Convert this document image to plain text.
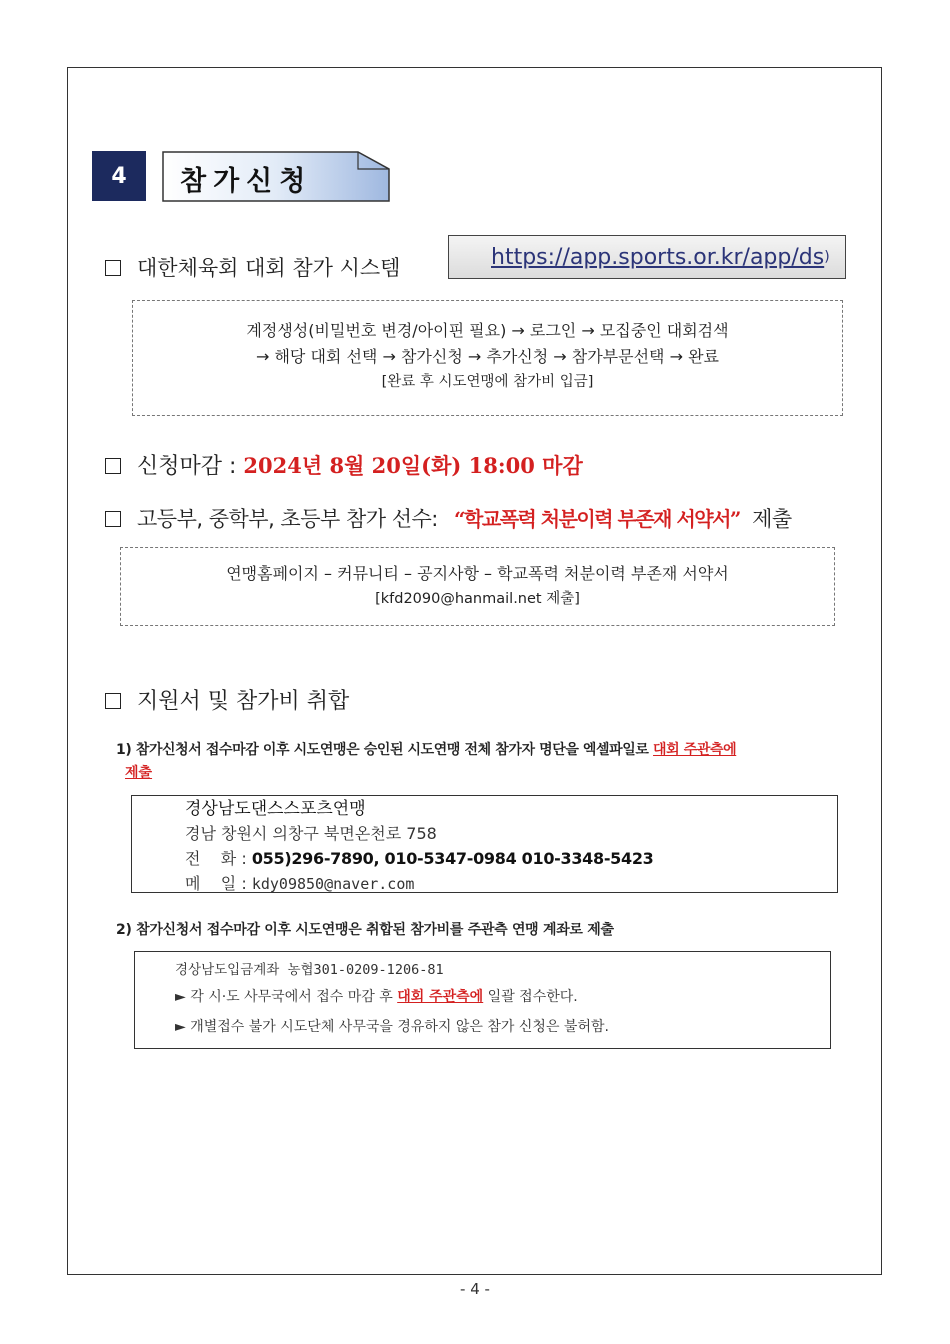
4	참가신청
대한체육회 대회 참가 시스템	https://app.sports.or.kr/app/ds )
계정생성(비밀번호 변경/아이핀 필요) → 로그인 → 모집중인 대회검색
→ 해당 대회 선택 → 참가신청 → 추가신청 → 참가부문선택 → 완료
[완료 후 시도연맹에 참가비 입금]
신청마감 : 2024년 8월 20일(화) 18:00 마감
고등부, 중학부, 초등부 참가 선수: “학교폭력 처분이력 부존재 서약서” 제출
연맹홈페이지 – 커뮤니티 – 공지사항 – 학교폭력 처분이력 부존재 서약서
[kfd2090@hanmail.net 제출]
지원서 및 참가비 취합
1) 참가신청서 접수마감 이후 시도연맹은 승인된 시도연맹 전체 참가자 명단을 엑셀파일로 대회 주관측에
제출
경상남도댄스스포츠연맹
경남 창원시 의창구 북면온천로 758
전    화 : 055)296-7890, 010-5347-0984 010-3348-5423
메    일 : kdy09850@naver.com
2) 참가신청서 접수마감 이후 시도연맹은 취합된 참가비를 주관측 연맹 계좌로 제출
경상남도입금계좌 농협301-0209-1206-81
► 각 시·도 사무국에서 접수 마감 후 대회 주관측에 일괄 접수한다.
► 개별접수 불가 시도단체 사무국을 경유하지 않은 참가 신청은 불허함.
- 4 -
